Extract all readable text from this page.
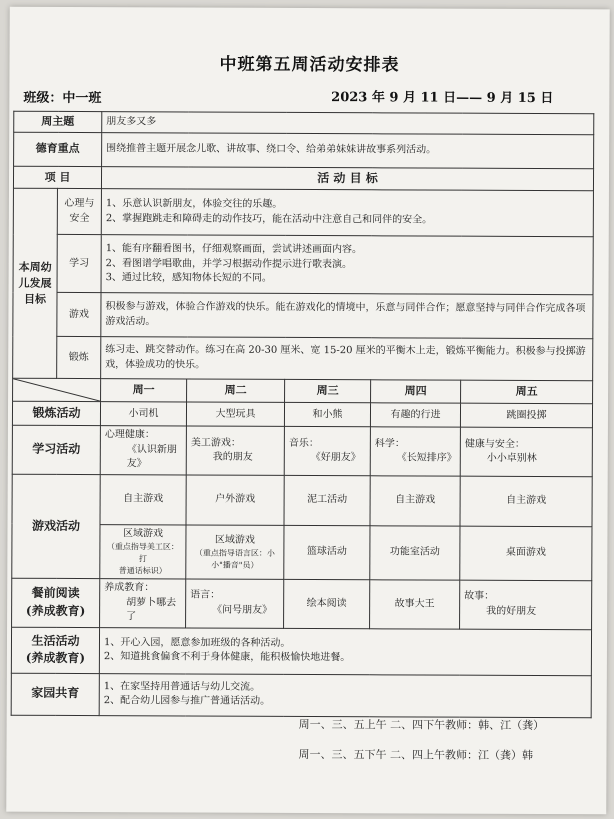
中班第五周活动安排表
班级：中一班	2023 年 9 月 11 日—— 9 月 15 日
周主题		朋友多又多				
德育重点		围绕推普主题开展念儿歌、讲故事、绕口令、给弟弟妹妹讲故事系列活动。				
项 目		活 动 目 标				
本周幼儿发展目标	心理与安全	1、乐意认识新朋友，体验交往的乐趣。
2、掌握跑跳走和障碍走的动作技巧，能在活动中注意自己和同伴的安全。				

	学习	1、能有序翻看图书，仔细观察画面，尝试讲述画面内容。
2、看图谱学唱歌曲，并学习根据动作提示进行歌表演。
3、通过比较，感知物体长短的不同。				

	游戏	积极参与游戏，体验合作游戏的快乐。能在游戏化的情境中，乐意与同伴合作；愿意坚持与同伴合作完成各项游戏活动。				
	锻炼	练习走、跳交替动作。练习在高 20-30 厘米、宽 15-20 厘米的平衡木上走，锻炼平衡能力。积极参与投掷游戏，体验成功的快乐。				

	周一	周二	周三	周四	周五
锻炼活动		小司机	大型玩具	和小熊	有趣的行进	跳圈投掷
学习活动		心理健康：
《认识新朋友》	美工游戏：
我的朋友	音乐：
《好朋友》	科学：
《长短排序》	健康与安全：
小小卓别林

游戏活动		自主游戏	户外游戏	泥工活动	自主游戏	自主游戏

		区域游戏
（重点指导美工区：打
普通话标识）	区域游戏
（重点指导语言区：小
小"播音"员）	篮球活动	功能室活动	桌面游戏

餐前阅读
(养成教育)		养成教育：
胡萝卜哪去了	语言：
《问号朋友》	绘本阅读	故事大王	故事：
我的好朋友

生活活动
(养成教育)		1、开心入园，愿意参加班级的各种活动。
2、知道挑食偏食不利于身体健康，能积极愉快地进餐。				

家园共育		1、在家坚持用普通话与幼儿交流。
2、配合幼儿园参与推广普通话活动。				
周一、三、五上午 二、四下午教师：韩、江（龚）
周一、三、五下午 二、四上午教师：江（龚）韩
